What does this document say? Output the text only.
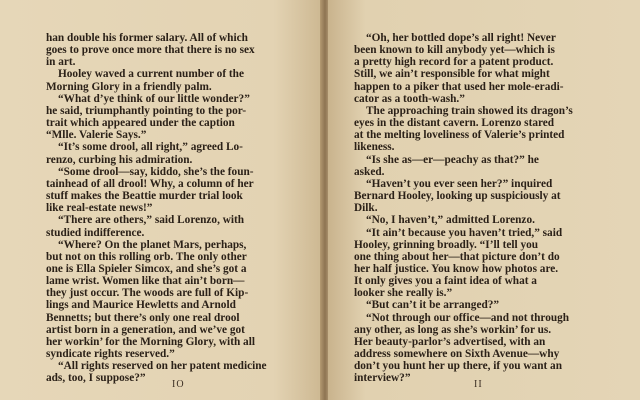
han double his former salary. All of which
goes to prove once more that there is no sex
in art.
Hooley waved a current number of the
Morning Glory in a friendly palm.
“What d’ye think of our little wonder?”
he said, triumphantly pointing to the por-
trait which appeared under the caption
“Mlle. Valerie Says.”
“It’s some drool, all right,” agreed Lo-
renzo, curbing his admiration.
“Some drool—say, kiddo, she’s the foun-
tainhead of all drool! Why, a column of her
stuff makes the Beattie murder trial look
like real-estate news!”
“There are others,” said Lorenzo, with
studied indifference.
“Where? On the planet Mars, perhaps,
but not on this rolling orb. The only other
one is Ella Spieler Simcox, and she’s got a
lame wrist. Women like that ain’t born—
they just occur. The woods are full of Kip-
lings and Maurice Hewletts and Arnold
Bennetts; but there’s only one real drool
artist born in a generation, and we’ve got
her workin’ for the Morning Glory, with all
syndicate rights reserved.”
“All rights reserved on her patent medicine
ads, too, I suppose?”
IO
“Oh, her bottled dope’s all right! Never
been known to kill anybody yet—which is
a pretty high record for a patent product.
Still, we ain’t responsible for what might
happen to a piker that used her mole-eradi-
cator as a tooth-wash.”
The approaching train showed its dragon’s
eyes in the distant cavern. Lorenzo stared
at the melting loveliness of Valerie’s printed
likeness.
“Is she as—er—peachy as that?” he
asked.
“Haven’t you ever seen her?” inquired
Bernard Hooley, looking up suspiciously at
Dilk.
“No, I haven’t,” admitted Lorenzo.
“It ain’t because you haven’t tried,” said
Hooley, grinning broadly. “I’ll tell you
one thing about her—that picture don’t do
her half justice. You know how photos are.
It only gives you a faint idea of what a
looker she really is.”
“But can’t it be arranged?”
“Not through our office—and not through
any other, as long as she’s workin’ for us.
Her beauty-parlor’s advertised, with an
address somewhere on Sixth Avenue—why
don’t you hunt her up there, if you want an
interview?”
II
